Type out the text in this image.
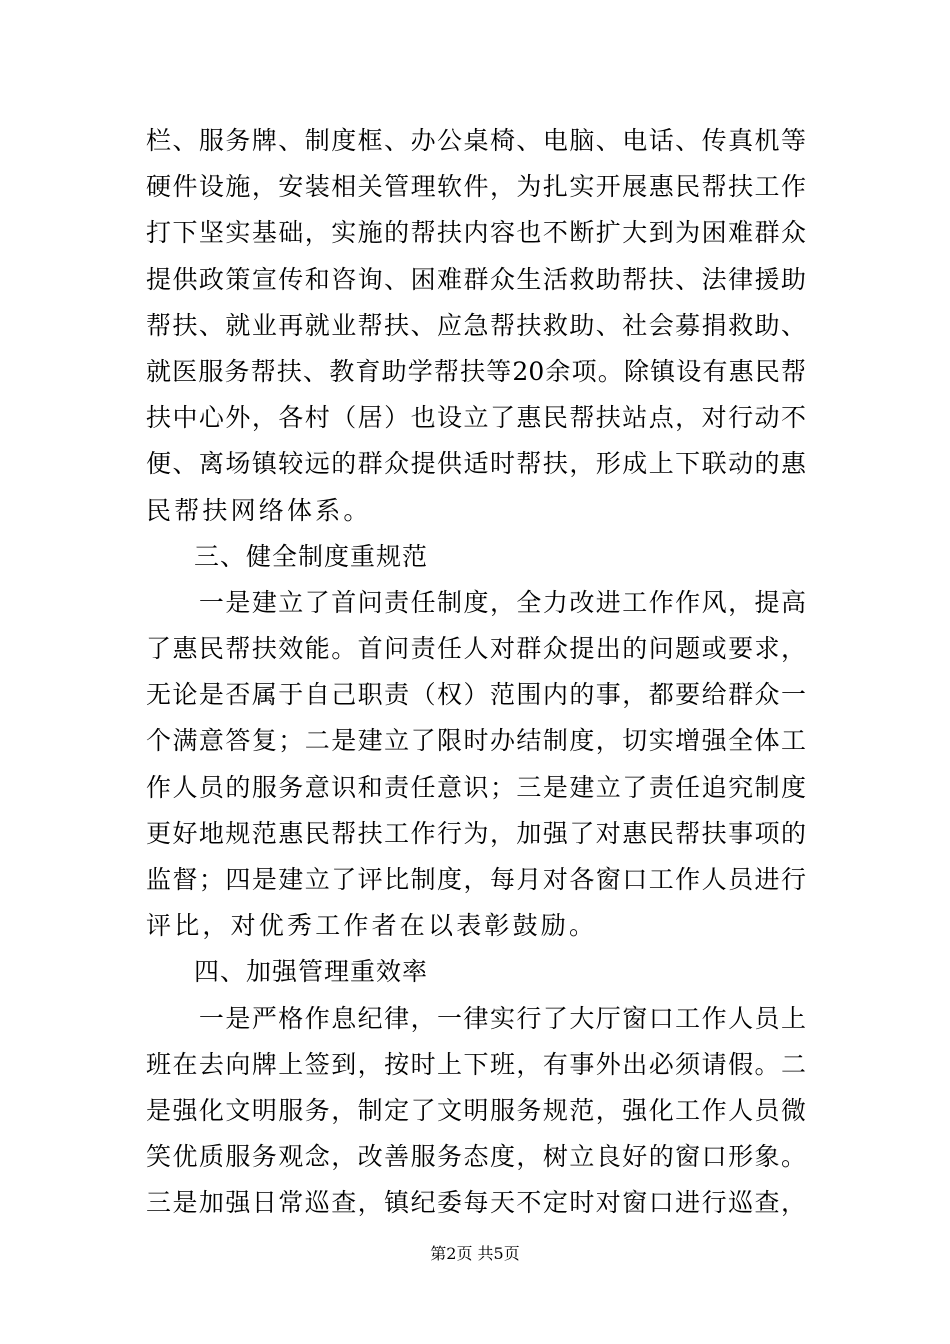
栏、服务牌、制度框、办公桌椅、电脑、电话、传真机等
硬件设施，安装相关管理软件，为扎实开展惠民帮扶工作
打下坚实基础，实施的帮扶内容也不断扩大到为困难群众
提供政策宣传和咨询、困难群众生活救助帮扶、法律援助
帮扶、就业再就业帮扶、应急帮扶救助、社会募捐救助、
就医服务帮扶、教育助学帮扶等20余项。除镇设有惠民帮
扶中心外，各村（居）也设立了惠民帮扶站点，对行动不
便、离场镇较远的群众提供适时帮扶，形成上下联动的惠
民帮扶网络体系。
三、健全制度重规范
　　一是建立了首问责任制度，全力改进工作作风，提高
了惠民帮扶效能。首问责任人对群众提出的问题或要求，
无论是否属于自己职责（权）范围内的事，都要给群众一
个满意答复；二是建立了限时办结制度，切实增强全体工
作人员的服务意识和责任意识；三是建立了责任追究制度
更好地规范惠民帮扶工作行为，加强了对惠民帮扶事项的
监督；四是建立了评比制度，每月对各窗口工作人员进行
评比，对优秀工作者在以表彰鼓励。
四、加强管理重效率
　　一是严格作息纪律，一律实行了大厅窗口工作人员上
班在去向牌上签到，按时上下班，有事外出必须请假。二
是强化文明服务，制定了文明服务规范，强化工作人员微
笑优质服务观念，改善服务态度，树立良好的窗口形象。
三是加强日常巡查，镇纪委每天不定时对窗口进行巡查，
第2页 共5页
